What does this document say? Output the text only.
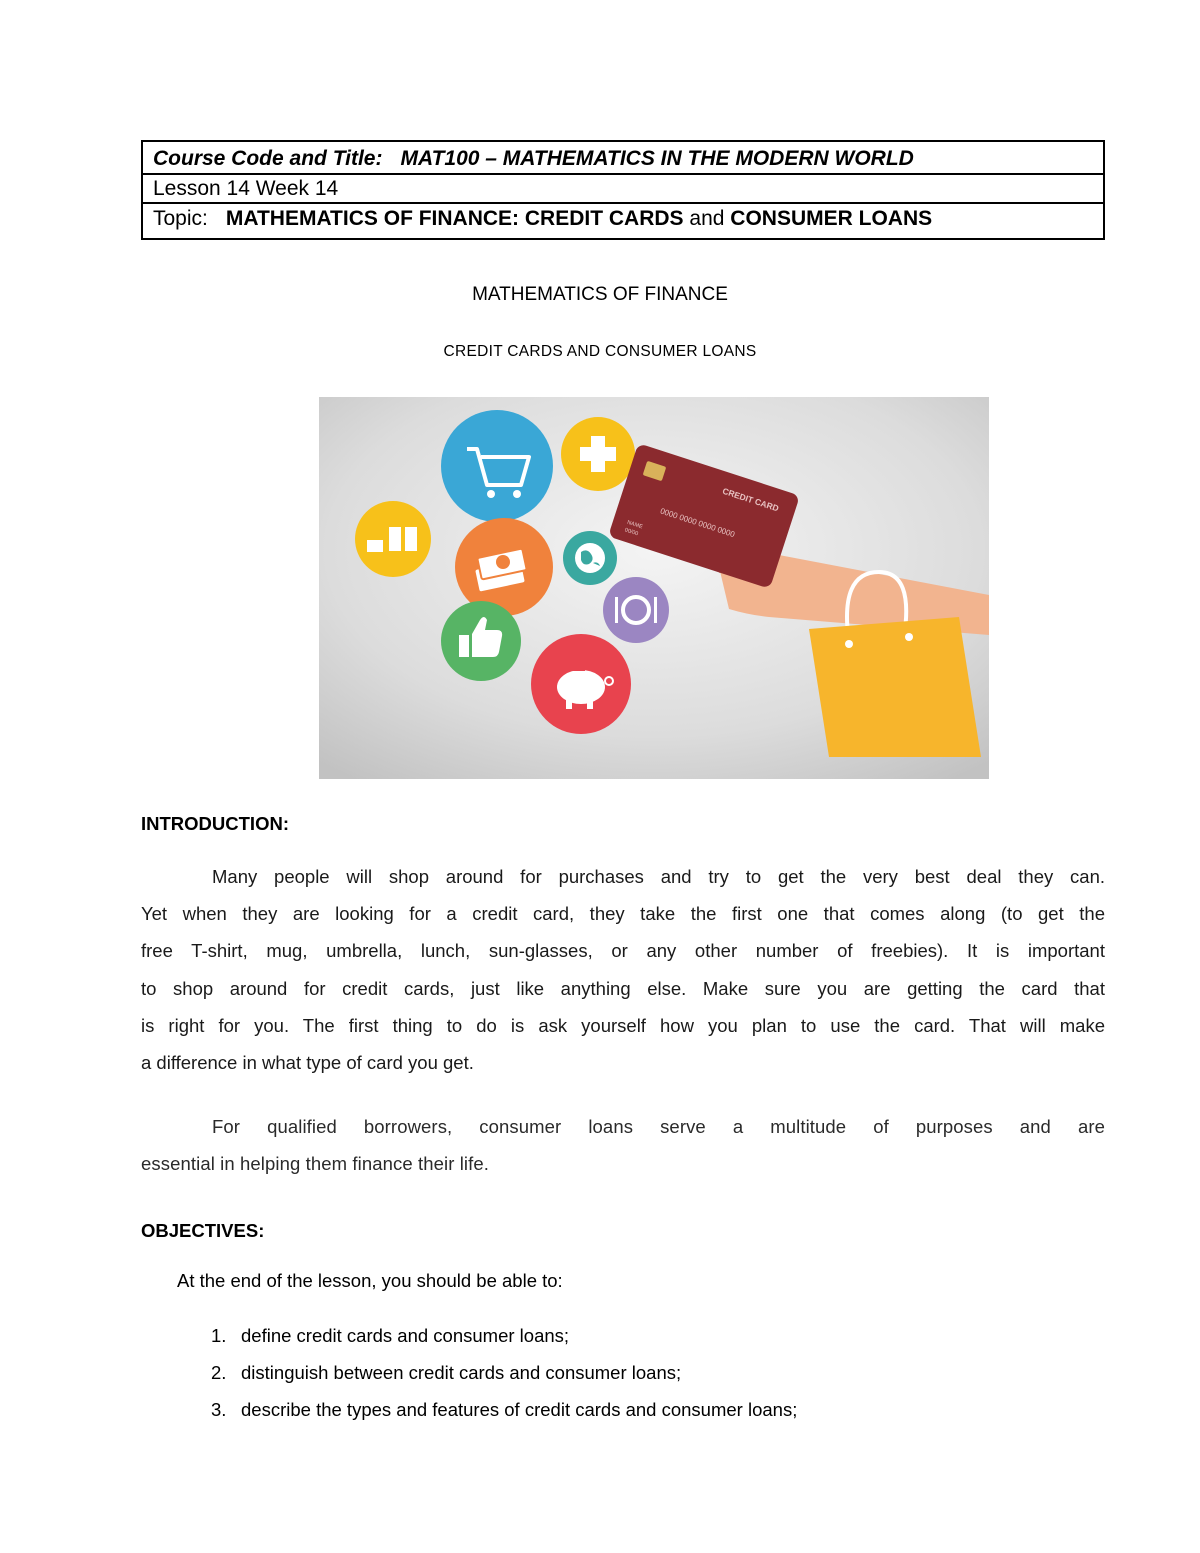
Course Code and Title: MAT100 – MATHEMATICS IN THE MODERN WORLD
Lesson 14 Week 14
Topic: MATHEMATICS OF FINANCE: CREDIT CARDS and CONSUMER LOANS
MATHEMATICS OF FINANCE
CREDIT CARDS AND CONSUMER LOANS
CREDIT CARD
0000 0000 0000 0000
NAME
00/00
INTRODUCTION:
Many people will shop around for purchases and try to get the very best deal they can.
Yet when they are looking for a credit card, they take the first one that comes along (to get the
free T-shirt, mug, umbrella, lunch, sun-glasses, or any other number of freebies). It is important
to shop around for credit cards, just like anything else. Make sure you are getting the card that
is right for you. The first thing to do is ask yourself how you plan to use the card. That will make
a difference in what type of card you get.
For qualified borrowers, consumer loans serve a multitude of purposes and are
essential in helping them finance their life.
OBJECTIVES:
At the end of the lesson, you should be able to:
1. define credit cards and consumer loans;
2. distinguish between credit cards and consumer loans;
3. describe the types and features of credit cards and consumer loans;
